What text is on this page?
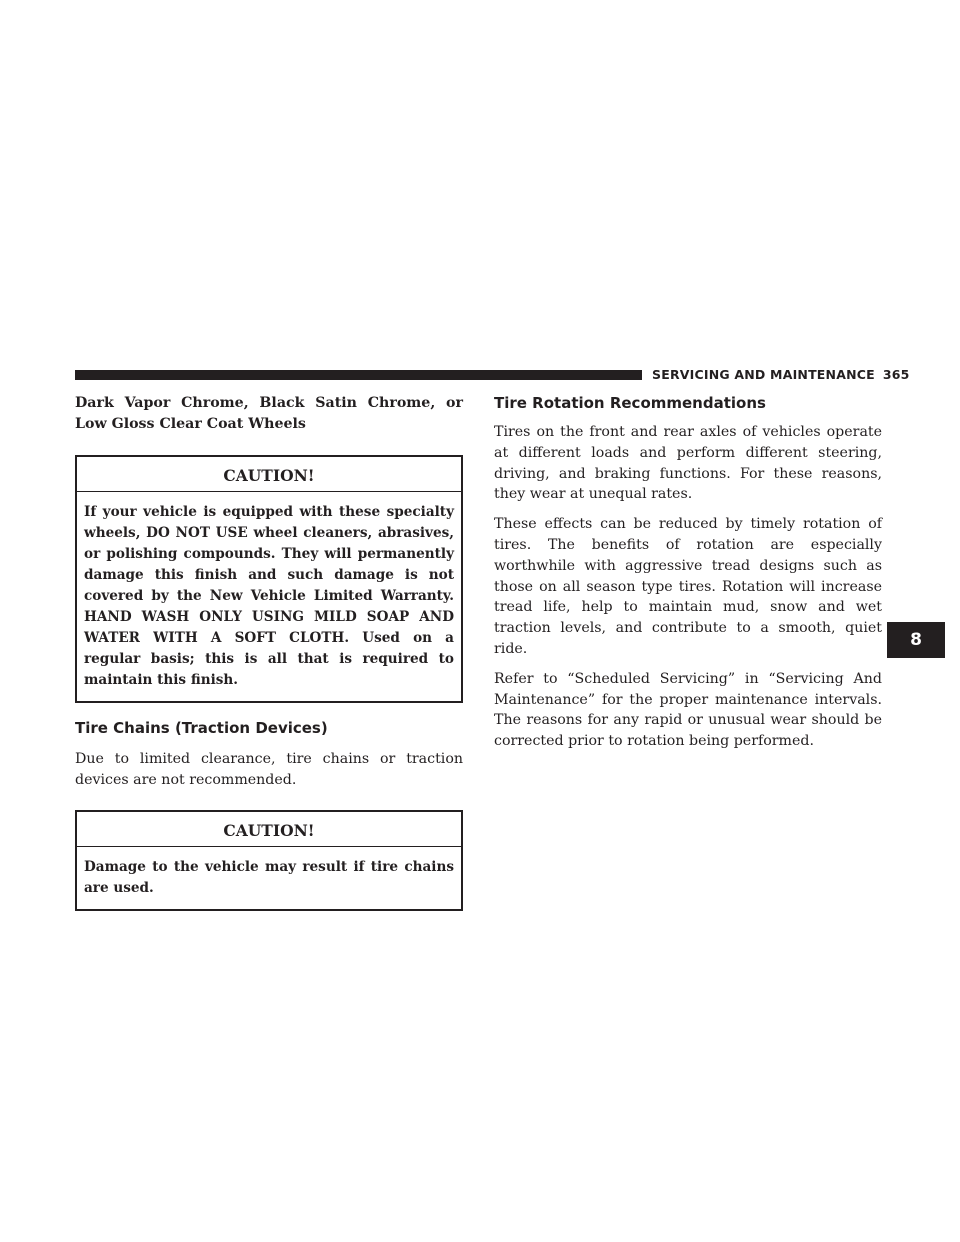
SERVICING AND MAINTENANCE 365

Dark Vapor Chrome, Black Satin Chrome, or Low Gloss Clear Coat Wheels

CAUTION!
If your vehicle is equipped with these specialty wheels, DO NOT USE wheel cleaners, abrasives, or polishing compounds. They will permanently damage this finish and such damage is not covered by the New Vehicle Limited Warranty. HAND WASH ONLY USING MILD SOAP AND WATER WITH A SOFT CLOTH. Used on a regular basis; this is all that is required to maintain this finish.
Tire Chains (Traction Devices)

Due to limited clearance, tire chains or traction devices are not recommended.

CAUTION!
Damage to the vehicle may result if tire chains are used.
Tire Rotation Recommendations

Tires on the front and rear axles of vehicles operate at different loads and perform different steering, driving, and braking functions. For these reasons, they wear at unequal rates.

These effects can be reduced by timely rotation of tires. The benefits of rotation are especially worthwhile with aggressive tread designs such as those on all season type tires. Rotation will increase tread life, help to maintain mud, snow and wet traction levels, and contribute to a smooth, quiet ride.

Refer to “Scheduled Servicing” in “Servicing And Maintenance” for the proper maintenance intervals. The reasons for any rapid or unusual wear should be corrected prior to rotation being performed.

8
